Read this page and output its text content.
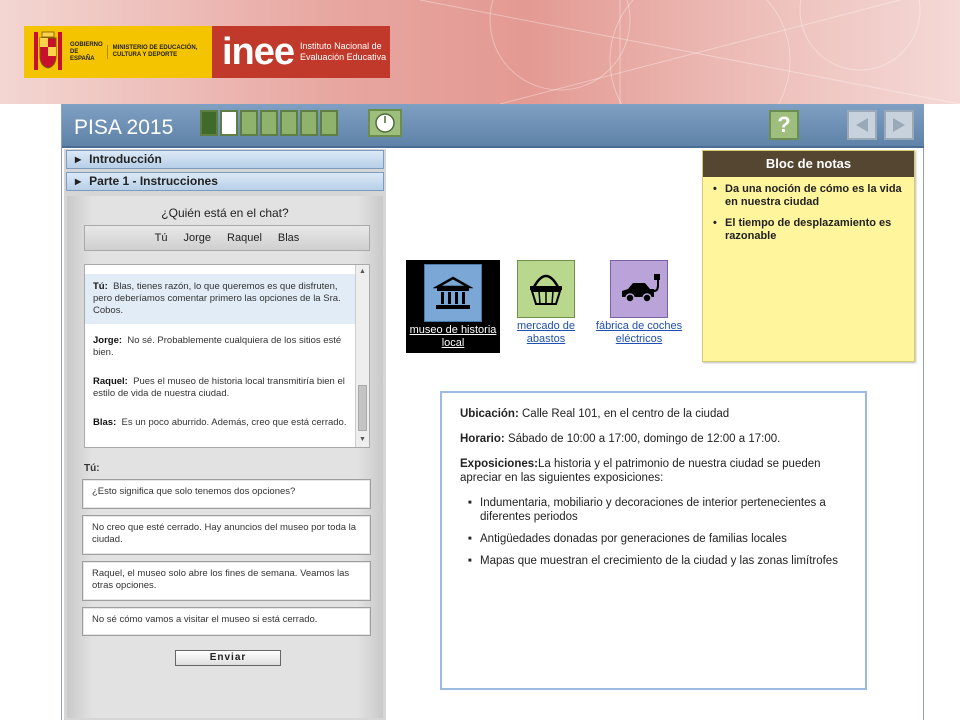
GOBIERNO DE ESPAÑA
MINISTERIO DE EDUCACIÓN, CULTURA Y DEPORTE	inee Instituto Nacional de Evaluación Educativa
PISA 2015	?
▶ Introducción
▶ Parte 1 - Instrucciones
¿Quién está en el chat?
Tú Jorge Raquel Blas
Tú: Blas, tienes razón, lo que queremos es que disfruten, pero deberíamos comentar primero las opciones de la Sra. Cobos.
Jorge: No sé. Probablemente cualquiera de los sitios esté bien.
Raquel: Pues el museo de historia local transmitiría bien el estilo de vida de nuestra ciudad.
Blas: Es un poco aburrido. Además, creo que está cerrado.
▲
▼
Tú:
¿Esto significa que solo tenemos dos opciones?
No creo que esté cerrado. Hay anuncios del museo por toda la ciudad.
Raquel, el museo solo abre los fines de semana. Veamos las otras opciones.
No sé cómo vamos a visitar el museo si está cerrado.
Enviar
museo de historia local
mercado de abastos
fábrica de coches eléctricos
Bloc de notas
• Da una noción de cómo es la vida en nuestra ciudad
• El tiempo de desplazamiento es razonable

Ubicación: Calle Real 101, en el centro de la ciudad

Horario: Sábado de 10:00 a 17:00, domingo de 12:00 a 17:00.

Exposiciones:La historia y el patrimonio de nuestra ciudad se pueden apreciar en las siguientes exposiciones:

■ Indumentaria, mobiliario y decoraciones de interior pertenecientes a diferentes periodos
■ Antigüedades donadas por generaciones de familias locales
■ Mapas que muestran el crecimiento de la ciudad y las zonas limítrofes
